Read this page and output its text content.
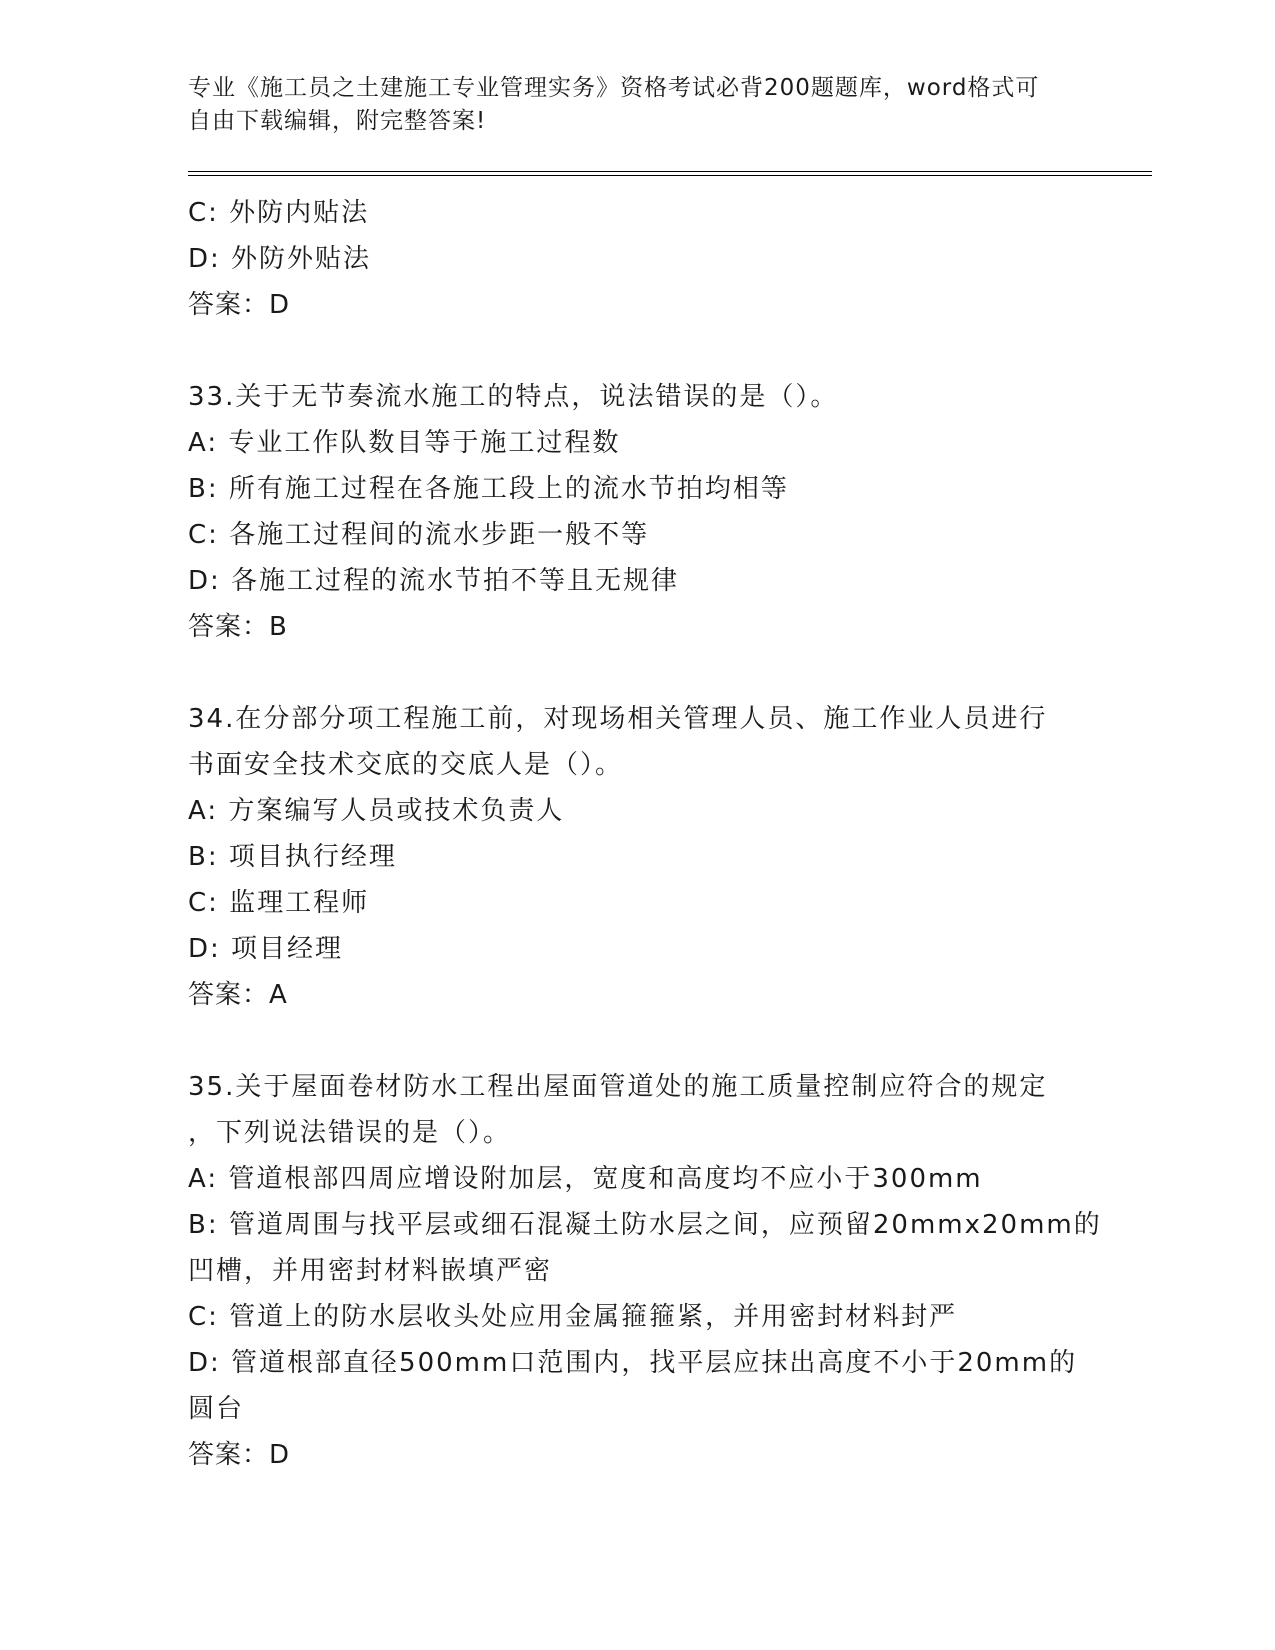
专业《施工员之土建施工专业管理实务》资格考试必背200题题库，word格式可
自由下载编辑，附完整答案!
C: 外防内贴法
D: 外防外贴法
答案：D
33.关于无节奏流水施工的特点，说法错误的是（）。
A: 专业工作队数目等于施工过程数
B: 所有施工过程在各施工段上的流水节拍均相等
C: 各施工过程间的流水步距一般不等
D: 各施工过程的流水节拍不等且无规律
答案：B
34.在分部分项工程施工前，对现场相关管理人员、施工作业人员进行
书面安全技术交底的交底人是（）。
A: 方案编写人员或技术负责人
B: 项目执行经理
C: 监理工程师
D: 项目经理
答案：A
35.关于屋面卷材防水工程出屋面管道处的施工质量控制应符合的规定
，下列说法错误的是（）。
A: 管道根部四周应增设附加层，宽度和高度均不应小于300mm
B: 管道周围与找平层或细石混凝土防水层之间，应预留20mmx20mm的
凹槽，并用密封材料嵌填严密
C: 管道上的防水层收头处应用金属箍箍紧，并用密封材料封严
D: 管道根部直径500mm口范围内，找平层应抹出高度不小于20mm的
圆台
答案：D
